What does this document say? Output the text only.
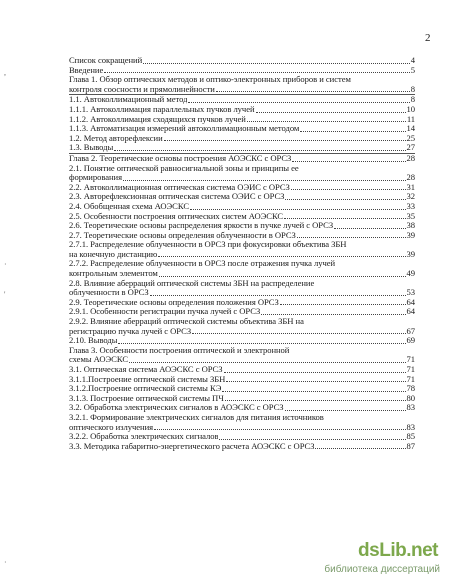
2
,
·
'
·
Список сокращений	4
Введение	5
Глава 1. Обзор оптических методов и оптико-электронных приборов и систем
контроля соосности и прямолинейности	8
1.1. Автоколлимационный метод	8
1.1.1. Автоколлимация параллельных пучков лучей	10
1.1.2. Автоколлимация сходящихся пучков лучей	11
1.1.3. Автоматизация измерений автоколлимационным методом	14
1.2. Метод авторефлексии	25
1.3. Выводы	27
Глава 2. Теоретические основы построения АОЭСКС с ОРСЗ	28
2.1. Понятие оптической равносигнальной зоны и принципы ее
формирования	28
2.2. Автоколлимационная оптическая система ОЭИС с ОРСЗ	31
2.3. Авторефлексионная оптическая система ОЭИС с ОРСЗ	32
2.4. Обобщенная схема АОЭСКС	33
2.5. Особенности построения оптических систем АОЭСКС	35
2.6. Теоретические основы распределения яркости в пучке лучей с ОРСЗ	38
2.7. Теоретические основы определения облученности в ОРСЗ	39
2.7.1. Распределение облученности в ОРСЗ при фокусировки объектива ЗБН
на конечную дистанцию	39
2.7.2. Распределение облученности в ОРСЗ после отражения пучка лучей
контрольным элементом	49
2.8. Влияние аберраций оптической системы ЗБН на распределение
облученности в ОРСЗ	53
2.9. Теоретические основы определения положения ОРСЗ	64
2.9.1. Особенности регистрации пучка лучей с ОРСЗ	64
2.9.2. Влияние аберраций оптической системы объектива ЗБН на
регистрацию пучка лучей с ОРСЗ	67
2.10. Выводы	69
Глава 3. Особенности построения оптической и электронной
схемы АОЭСКС	71
3.1. Оптическая система АОЭСКС с ОРСЗ	71
3.1.1.Построение оптической системы ЗБН	71
3.1.2.Построение оптической системы КЭ	78
3.1.3. Построение оптической системы ПЧ	80
3.2. Обработка электрических сигналов в АОЭСКС с ОРСЗ	83
3.2.1. Формирование электрических сигналов для питания источников
оптического излучения	83
3.2.2. Обработка электрических сигналов	85
3.3. Методика габаритно-энергетического расчета АОЭСКС с ОРСЗ	87
dsLib.net
библиотека диссертаций
